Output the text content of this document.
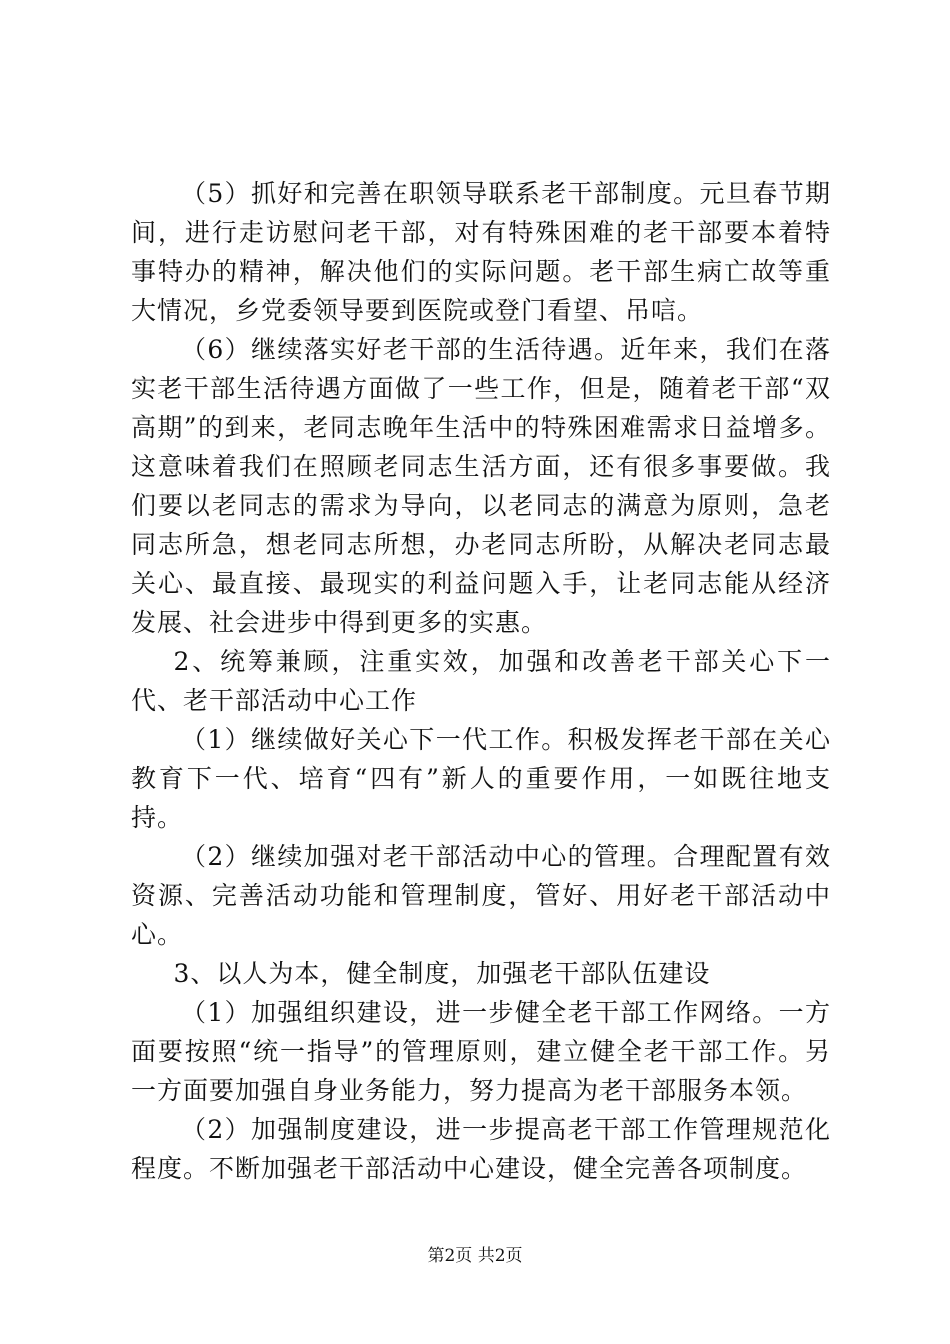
（5）抓好和完善在职领导联系老干部制度。元旦春节期间，进行走访慰问老干部，对有特殊困难的老干部要本着特事特办的精神，解决他们的实际问题。老干部生病亡故等重大情况，乡党委领导要到医院或登门看望、吊唁。

（6）继续落实好老干部的生活待遇。近年来，我们在落实老干部生活待遇方面做了一些工作，但是，随着老干部“双高期”的到来，老同志晚年生活中的特殊困难需求日益增多。这意味着我们在照顾老同志生活方面，还有很多事要做。我们要以老同志的需求为导向，以老同志的满意为原则，急老同志所急，想老同志所想，办老同志所盼，从解决老同志最关心、最直接、最现实的利益问题入手，让老同志能从经济发展、社会进步中得到更多的实惠。

2、统筹兼顾，注重实效，加强和改善老干部关心下一代、老干部活动中心工作

（1）继续做好关心下一代工作。积极发挥老干部在关心教育下一代、培育“四有”新人的重要作用，一如既往地支持。

（2）继续加强对老干部活动中心的管理。合理配置有效资源、完善活动功能和管理制度，管好、用好老干部活动中心。

3、以人为本，健全制度，加强老干部队伍建设

（1）加强组织建设，进一步健全老干部工作网络。一方面要按照“统一指导”的管理原则，建立健全老干部工作。另一方面要加强自身业务能力，努力提高为老干部服务本领。

（2）加强制度建设，进一步提高老干部工作管理规范化程度。不断加强老干部活动中心建设，健全完善各项制度。

第2页 共2页
